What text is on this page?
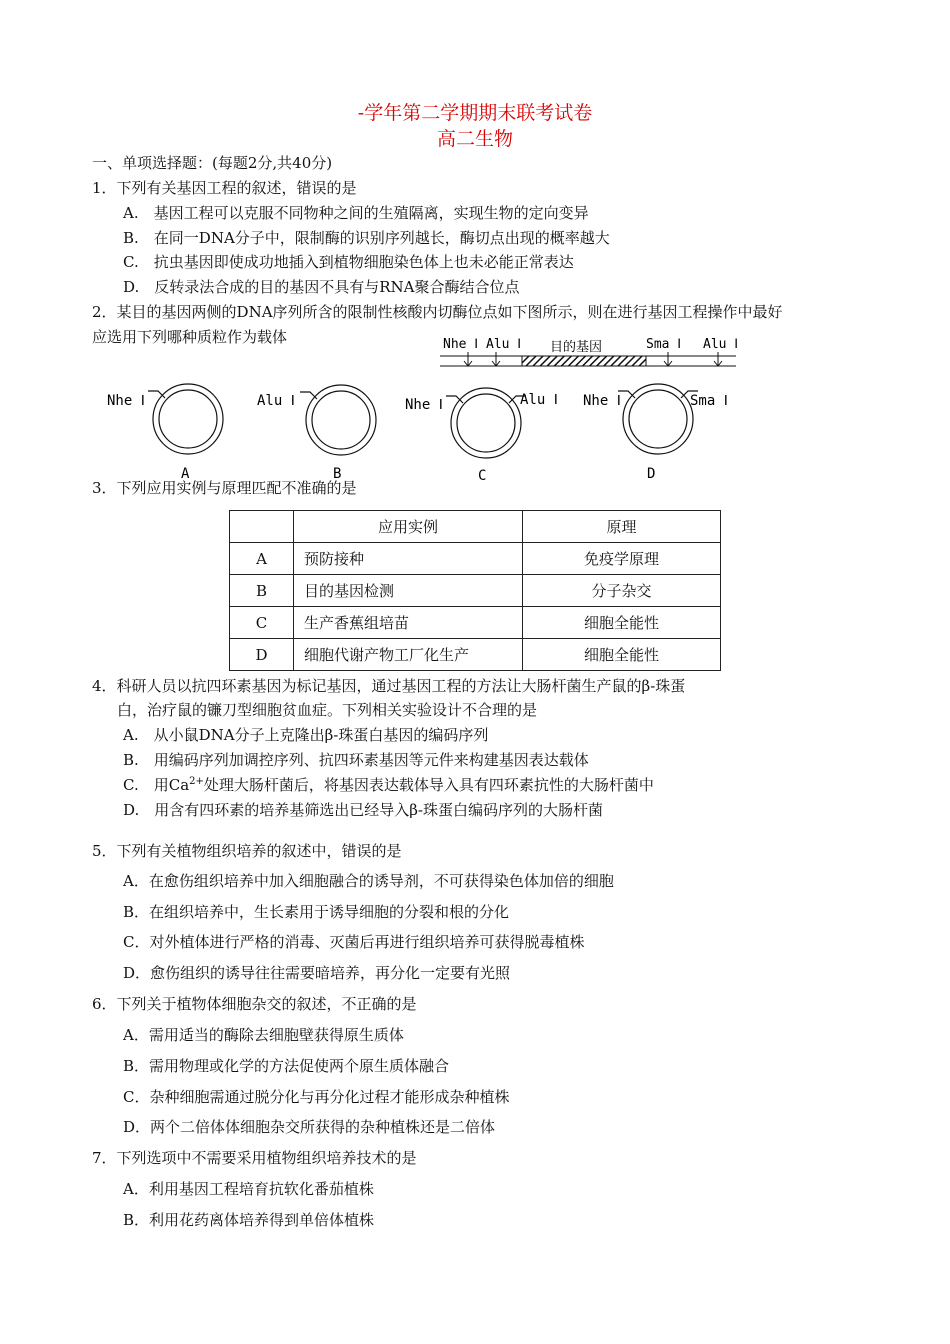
-学年第二学期期末联考试卷
高二生物
一、单项选择题：(每题2分,共40分)
1．下列有关基因工程的叙述，错误的是
A.　基因工程可以克服不同物种之间的生殖隔离，实现生物的定向变异
B.　在同一DNA分子中，限制酶的识别序列越长，酶切点出现的概率越大
C.　抗虫基因即使成功地插入到植物细胞染色体上也未必能正常表达
D.　反转录法合成的目的基因不具有与RNA聚合酶结合位点
2．某目的基因两侧的DNA序列所含的限制性核酸内切酶位点如下图所示，则在进行基因工程操作中最好
应选用下列哪种质粒作为载体	Nhe Ⅰ Alu Ⅰ 目的基因	Sma Ⅰ Alu Ⅰ
Nhe Ⅰ
A
Alu Ⅰ
B
Nhe Ⅰ	Alu Ⅰ
C
Nhe Ⅰ	Sma Ⅰ
D
3．下列应用实例与原理匹配不准确的是
	应用实例	原理
A	预防接种	免疫学原理
B	目的基因检测	分子杂交
C	生产香蕉组培苗	细胞全能性
D	细胞代谢产物工厂化生产	细胞全能性
4．科研人员以抗四环素基因为标记基因，通过基因工程的方法让大肠杆菌生产鼠的β-珠蛋
白，治疗鼠的镰刀型细胞贫血症。下列相关实验设计不合理的是
A.　从小鼠DNA分子上克隆出β-珠蛋白基因的编码序列
B.　用编码序列加调控序列、抗四环素基因等元件来构建基因表达载体
C.　用$Ca^{2+}$处理大肠杆菌后，将基因表达载体导入具有四环素抗性的大肠杆菌中
D.　用含有四环素的培养基筛选出已经导入β-珠蛋白编码序列的大肠杆菌
5．下列有关植物组织培养的叙述中，错误的是
A．在愈伤组织培养中加入细胞融合的诱导剂，不可获得染色体加倍的细胞
B．在组织培养中，生长素用于诱导细胞的分裂和根的分化
C．对外植体进行严格的消毒、灭菌后再进行组织培养可获得脱毒植株
D．愈伤组织的诱导往往需要暗培养，再分化一定要有光照
6．下列关于植物体细胞杂交的叙述，不正确的是
A．需用适当的酶除去细胞壁获得原生质体
B．需用物理或化学的方法促使两个原生质体融合
C．杂种细胞需通过脱分化与再分化过程才能形成杂种植株
D．两个二倍体体细胞杂交所获得的杂种植株还是二倍体
7．下列选项中不需要采用植物组织培养技术的是
A．利用基因工程培育抗软化番茄植株
B．利用花药离体培养得到单倍体植株
